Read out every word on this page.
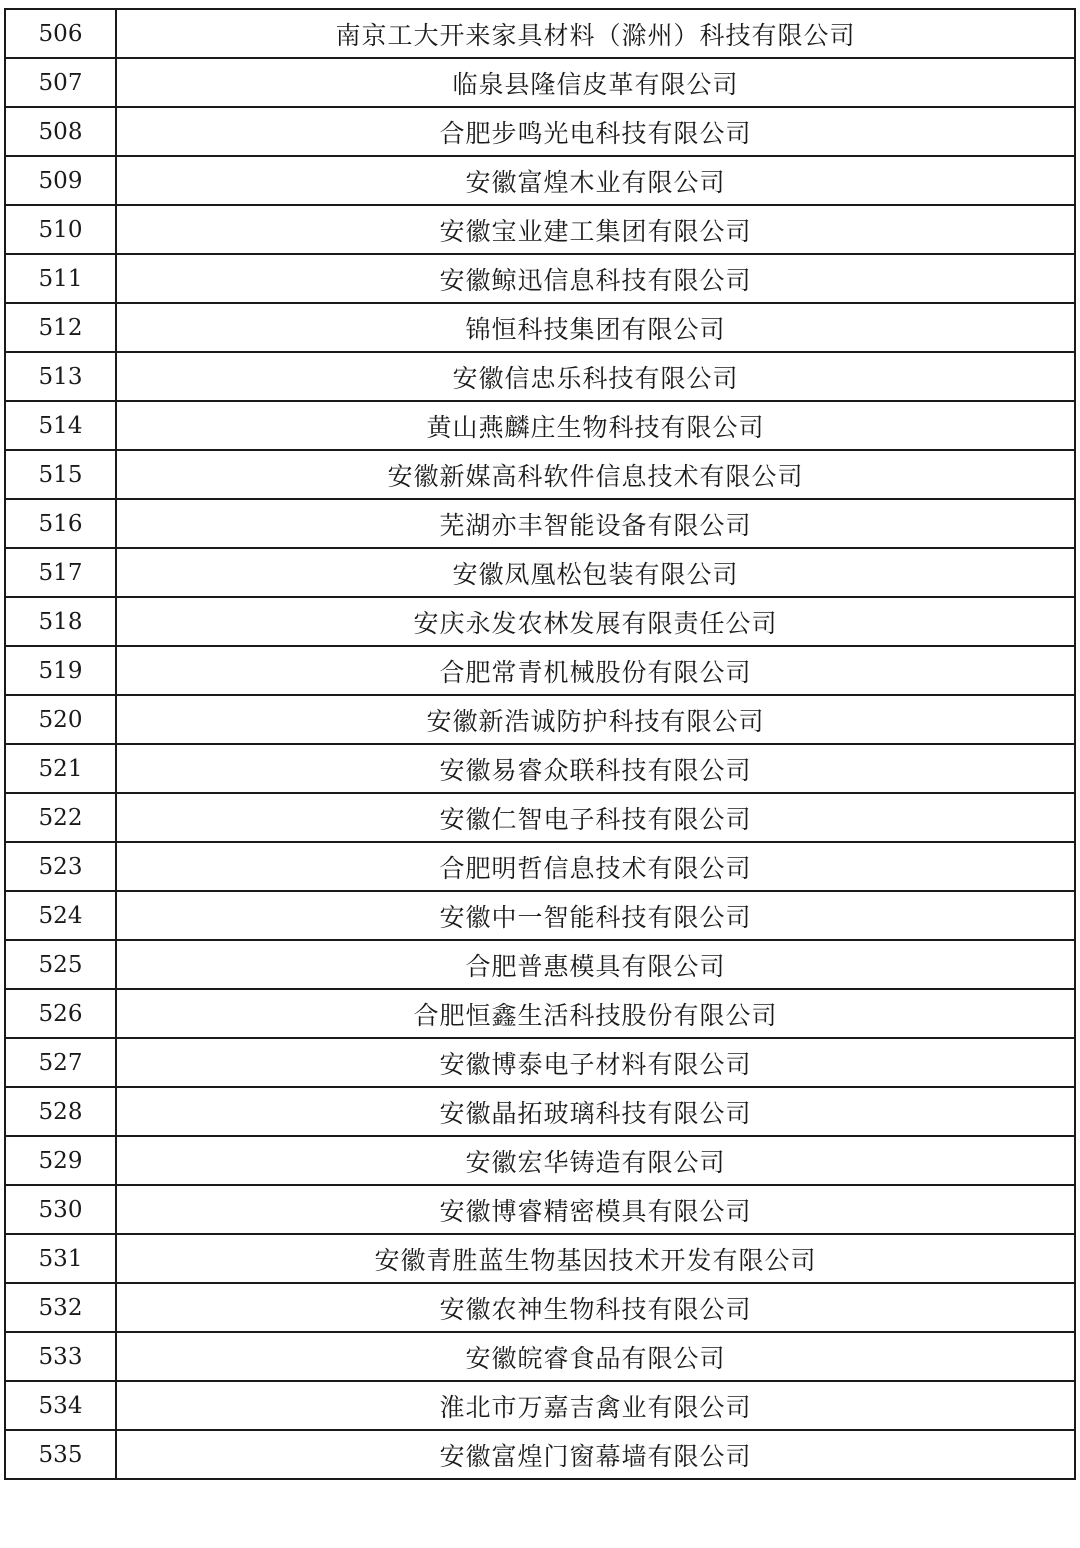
506	南京工大开来家具材料（滁州）科技有限公司
507	临泉县隆信皮革有限公司
508	合肥步鸣光电科技有限公司
509	安徽富煌木业有限公司
510	安徽宝业建工集团有限公司
511	安徽鲸迅信息科技有限公司
512	锦恒科技集团有限公司
513	安徽信忠乐科技有限公司
514	黄山燕麟庄生物科技有限公司
515	安徽新媒高科软件信息技术有限公司
516	芜湖亦丰智能设备有限公司
517	安徽凤凰松包装有限公司
518	安庆永发农林发展有限责任公司
519	合肥常青机械股份有限公司
520	安徽新浩诚防护科技有限公司
521	安徽易睿众联科技有限公司
522	安徽仁智电子科技有限公司
523	合肥明哲信息技术有限公司
524	安徽中一智能科技有限公司
525	合肥普惠模具有限公司
526	合肥恒鑫生活科技股份有限公司
527	安徽博泰电子材料有限公司
528	安徽晶拓玻璃科技有限公司
529	安徽宏华铸造有限公司
530	安徽博睿精密模具有限公司
531	安徽青胜蓝生物基因技术开发有限公司
532	安徽农神生物科技有限公司
533	安徽皖睿食品有限公司
534	淮北市万嘉吉禽业有限公司
535	安徽富煌门窗幕墙有限公司
